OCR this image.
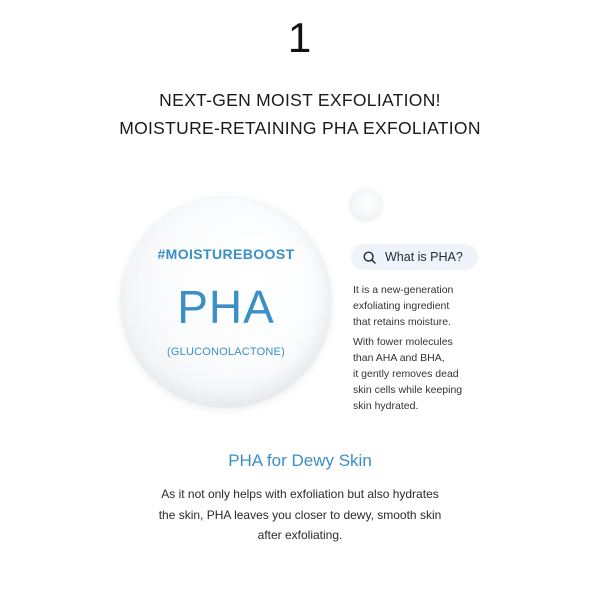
1
NEXT-GEN MOIST EXFOLIATION!
MOISTURE-RETAINING PHA EXFOLIATION
#MOISTUREBOOST
PHA
(GLUCONOLACTONE)
What is PHA?
It is a new-generation
exfoliating ingredient
that retains moisture.
With fower molecules
than AHA and BHA,
it gently removes dead
skin cells while keeping
skin hydrated.
PHA for Dewy Skin
As it not only helps with exfoliation but also hydrates
the skin, PHA leaves you closer to dewy, smooth skin
after exfoliating.
